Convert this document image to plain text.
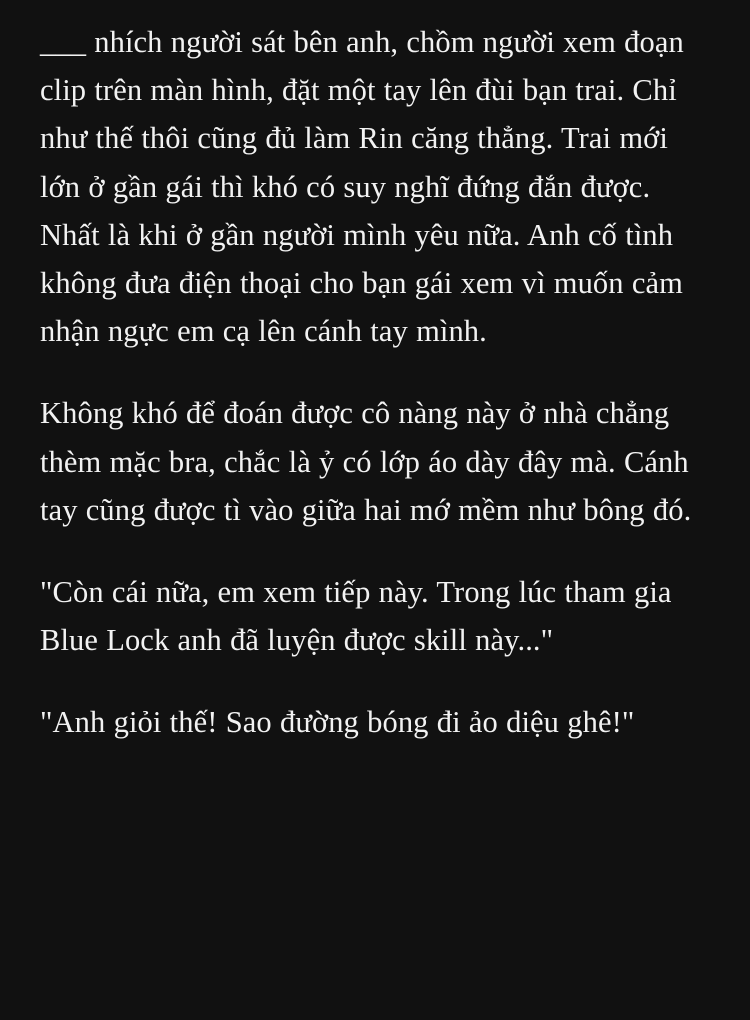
___ nhích người sát bên anh, chồm người xem đoạn clip trên màn hình, đặt một tay lên đùi bạn trai. Chỉ như thế thôi cũng đủ làm Rin căng thẳng. Trai mới lớn ở gần gái thì khó có suy nghĩ đứng đắn được. Nhất là khi ở gần người mình yêu nữa. Anh cố tình không đưa điện thoại cho bạn gái xem vì muốn cảm nhận ngực em cạ lên cánh tay mình.

Không khó để đoán được cô nàng này ở nhà chẳng thèm mặc bra, chắc là ỷ có lớp áo dày đây mà. Cánh tay cũng được tì vào giữa hai mớ mềm như bông đó.

"Còn cái nữa, em xem tiếp này. Trong lúc tham gia Blue Lock anh đã luyện được skill này..."

"Anh giỏi thế! Sao đường bóng đi ảo diệu ghê!"
